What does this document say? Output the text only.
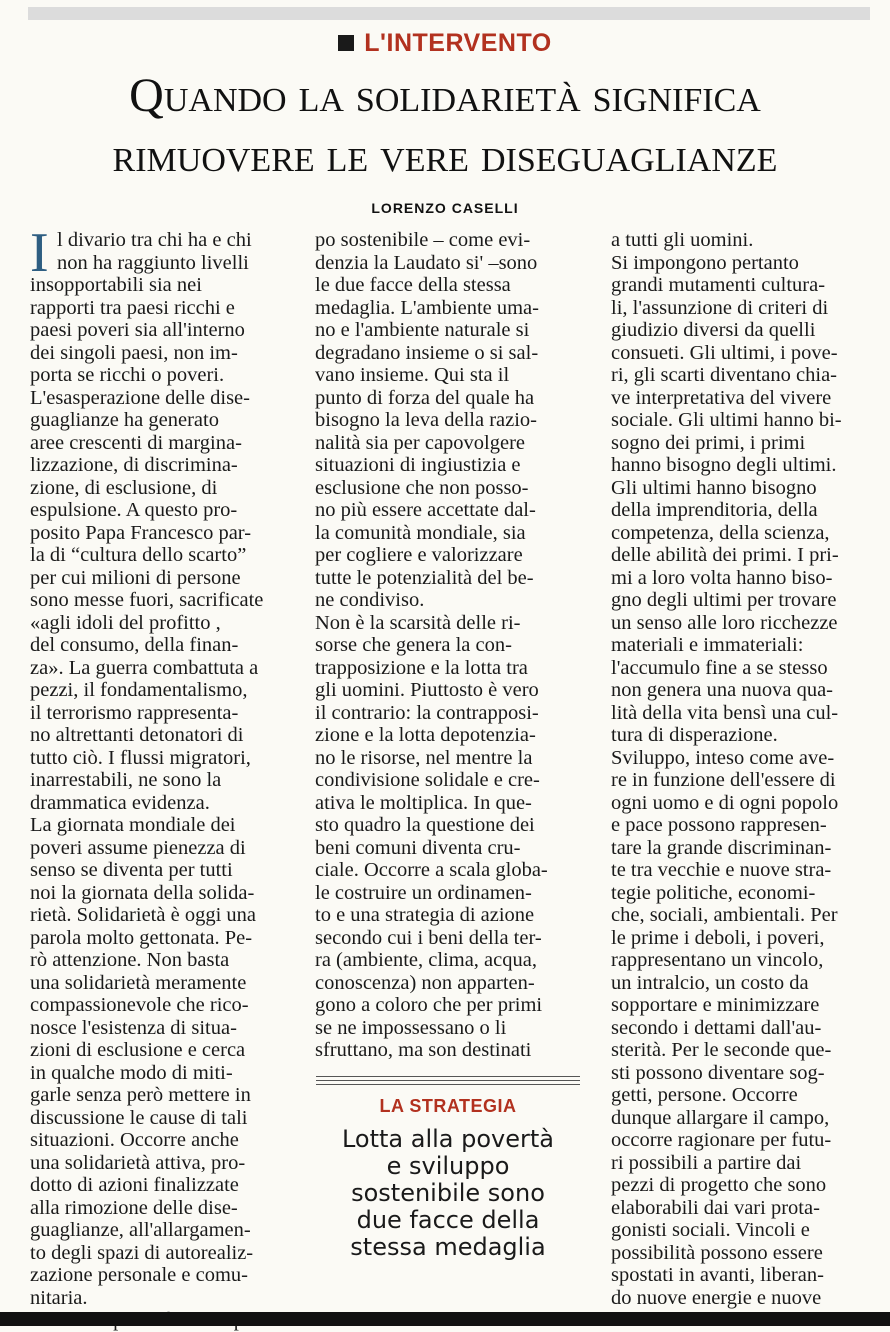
L'INTERVENTO
Quando la solidarietà significa
rimuovere le vere diseguaglianze
LORENZO CASELLI
I l divario tra chi ha e chi
non ha raggiunto livelli
insopportabili sia nei
rapporti tra paesi ricchi e
paesi poveri sia all'interno
dei singoli paesi, non im-
porta se ricchi o poveri.
L'esasperazione delle dise-
guaglianze ha generato
aree crescenti di margina-
lizzazione, di discrimina-
zione, di esclusione, di
espulsione. A questo pro-
posito Papa Francesco par-
la di “cultura dello scarto”
per cui milioni di persone
sono messe fuori, sacrificate
«agli idoli del profitto ,
del consumo, della finan-
za». La guerra combattuta a
pezzi, il fondamentalismo,
il terrorismo rappresenta-
no altrettanti detonatori di
tutto ciò. I flussi migratori,
inarrestabili, ne sono la
drammatica evidenza.
La giornata mondiale dei
poveri assume pienezza di
senso se diventa per tutti
noi la giornata della solida-
rietà. Solidarietà è oggi una
parola molto gettonata. Pe-
rò attenzione. Non basta
una solidarietà meramente
compassionevole che rico-
nosce l'esistenza di situa-
zioni di esclusione e cerca
in qualche modo di miti-
garle senza però mettere in
discussione le cause di tali
situazioni. Occorre anche
una solidarietà attiva, pro-
dotto di azioni finalizzate
alla rimozione delle dise-
guaglianze, all'allargamen-
to degli spazi di autorealiz-
zazione personale e comu-
nitaria.
po sostenibile – come evi-
denzia la Laudato si' –sono
le due facce della stessa
medaglia. L'ambiente uma-
no e l'ambiente naturale si
degradano insieme o si sal-
vano insieme. Qui sta il
punto di forza del quale ha
bisogno la leva della razio-
nalità sia per capovolgere
situazioni di ingiustizia e
esclusione che non posso-
no più essere accettate dal-
la comunità mondiale, sia
per cogliere e valorizzare
tutte le potenzialità del be-
ne condiviso.
Non è la scarsità delle ri-
sorse che genera la con-
trapposizione e la lotta tra
gli uomini. Piuttosto è vero
il contrario: la contrapposi-
zione e la lotta depotenzia-
no le risorse, nel mentre la
condivisione solidale e cre-
ativa le moltiplica. In que-
sto quadro la questione dei
beni comuni diventa cru-
ciale. Occorre a scala globa-
le costruire un ordinamen-
to e una strategia di azione
secondo cui i beni della ter-
ra (ambiente, clima, acqua,
conoscenza) non apparten-
gono a coloro che per primi
se ne impossessano o li
sfruttano, ma son destinati
a tutti gli uomini.
Si impongono pertanto
grandi mutamenti cultura-
li, l'assunzione di criteri di
giudizio diversi da quelli
consueti. Gli ultimi, i pove-
ri, gli scarti diventano chia-
ve interpretativa del vivere
sociale. Gli ultimi hanno bi-
sogno dei primi, i primi
hanno bisogno degli ultimi.
Gli ultimi hanno bisogno
della imprenditoria, della
competenza, della scienza,
delle abilità dei primi. I pri-
mi a loro volta hanno biso-
gno degli ultimi per trovare
un senso alle loro ricchezze
materiali e immateriali:
l'accumulo fine a se stesso
non genera una nuova qua-
lità della vita bensì una cul-
tura di disperazione.
Sviluppo, inteso come ave-
re in funzione dell'essere di
ogni uomo e di ogni popolo
e pace possono rappresen-
tare la grande discriminan-
te tra vecchie e nuove stra-
tegie politiche, economi-
che, sociali, ambientali. Per
le prime i deboli, i poveri,
rappresentano un vincolo,
un intralcio, un costo da
sopportare e minimizzare
secondo i dettami dall'au-
sterità. Per le seconde que-
sti possono diventare sog-
getti, persone. Occorre
dunque allargare il campo,
occorre ragionare per futu-
ri possibili a partire dai
pezzi di progetto che sono
elaborabili dai vari prota-
gonisti sociali. Vincoli e
possibilità possono essere
spostati in avanti, liberan-
do nuove energie e nuove
LA STRATEGIA
Lotta alla povertà
e sviluppo
sostenibile sono
due facce della
stessa medaglia
